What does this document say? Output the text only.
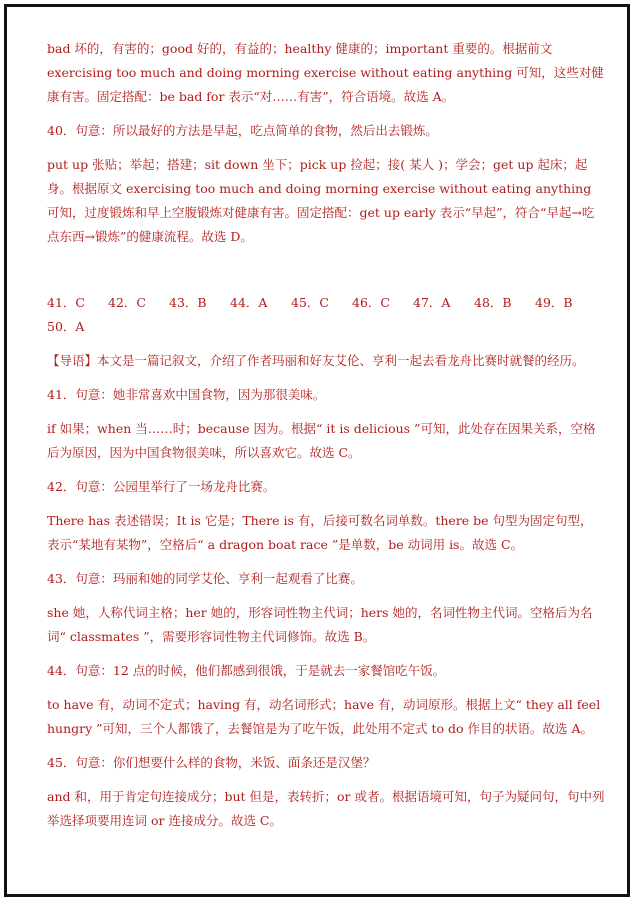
bad 坏的，有害的；good 好的，有益的；healthy 健康的；important 重要的。根据前文 exercising too much and doing morning exercise without eating anything 可知，这些对健康有害。固定搭配：be bad for 表示“对……有害”，符合语境。故选 A。

40．句意：所以最好的方法是早起，吃点简单的食物，然后出去锻炼。

put up 张贴；举起；搭建；sit down 坐下；pick up 捡起；接( 某人 )；学会；get up 起床；起身。根据原文 exercising too much and doing morning exercise without eating anything 可知，过度锻炼和早上空腹锻炼对健康有害。固定搭配：get up early 表示“早起”，符合“早起→吃点东西→锻炼”的健康流程。故选 D。

41．C	42．C	43．B	44．A	45．C	46．C	47．A	48．B	49．B
50．A

【导语】本文是一篇记叙文，介绍了作者玛丽和好友艾伦、亨利一起去看龙舟比赛时就餐的经历。

41．句意：她非常喜欢中国食物，因为那很美味。

if 如果；when 当……时；because 因为。根据“ it is delicious ”可知，此处存在因果关系，空格后为原因，因为中国食物很美味，所以喜欢它。故选 C。

42．句意：公园里举行了一场龙舟比赛。

There has 表述错误；It is 它是；There is 有，后接可数名词单数。there be 句型为固定句型，表示“某地有某物”，空格后“ a dragon boat race ”是单数，be 动词用 is。故选 C。

43．句意：玛丽和她的同学艾伦、亨利一起观看了比赛。

she 她，人称代词主格；her 她的，形容词性物主代词；hers 她的，名词性物主代词。空格后为名词“ classmates ”，需要形容词性物主代词修饰。故选 B。

44．句意：12 点的时候，他们都感到很饿，于是就去一家餐馆吃午饭。

to have 有，动词不定式；having 有，动名词形式；have 有，动词原形。根据上文“ they all feel hungry ”可知，三个人都饿了，去餐馆是为了吃午饭，此处用不定式 to do 作目的状语。故选 A。

45．句意：你们想要什么样的食物，米饭、面条还是汉堡？

and 和，用于肯定句连接成分；but 但是，表转折；or 或者。根据语境可知，句子为疑问句，句中列举选择项要用连词 or 连接成分。故选 C。
